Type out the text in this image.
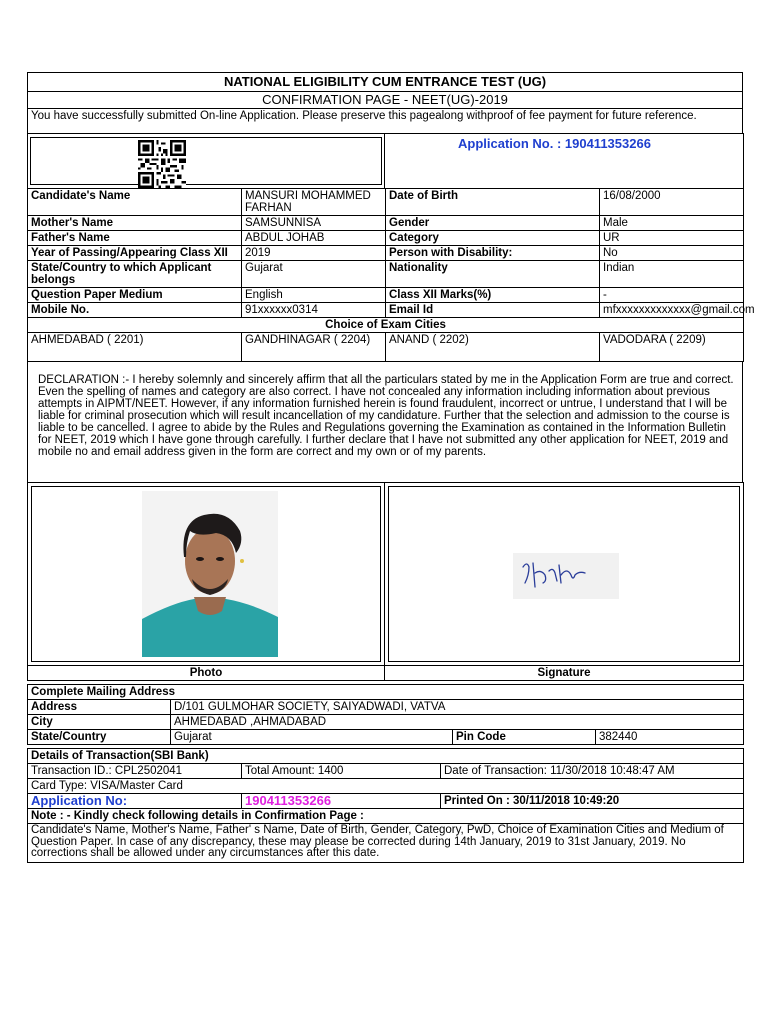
NATIONAL ELIGIBILITY CUM ENTRANCE TEST (UG)
CONFIRMATION PAGE - NEET(UG)-2019
You have successfully submitted On-line Application. Please preserve this pagealong withproof of fee payment for future reference.
	Application No. : 190411353266
Candidate's Name	MANSURI MOHAMMED FARHAN	Date of Birth	16/08/2000
Mother's Name	SAMSUNNISA	Gender	Male
Father's Name	ABDUL JOHAB	Category	UR
Year of Passing/Appearing Class XII	2019	Person with Disability:	No
State/Country to which Applicant belongs	Gujarat	Nationality	Indian
Question Paper Medium	English	Class XII Marks(%)	-
Mobile No.	91xxxxxx0314	Email Id	mfxxxxxxxxxxxxx@gmail.com
Choice of Exam Cities
AHMEDABAD ( 2201)	GANDHINAGAR ( 2204)	ANAND ( 2202)	VADODARA ( 2209)
DECLARATION :- I hereby solemnly and sincerely affirm that all the particulars stated by me in the Application Form are true and correct. Even the spelling of names and category are also correct. I have not concealed any information including information about previous attempts in AIPMT/NEET. However, if any information furnished herein is found fraudulent, incorrect or untrue, I understand that I will be liable for criminal prosecution which will result incancellation of my candidature. Further that the selection and admission to the course is liable to be cancelled. I agree to abide by the Rules and Regulations governing the Examination as contained in the Information Bulletin for NEET, 2019 which I have gone through carefully. I further declare that I have not submitted any other application for NEET, 2019 and mobile no and email address given in the form are correct and my own or of my parents.

Photo	Signature
Complete Mailing Address			
Address	D/101 GULMOHAR SOCIETY, SAIYADWADI, VATVA		
City	AHMEDABAD ,AHMADABAD		
State/Country	Gujarat	Pin Code	382440
Details of Transaction(SBI Bank)		
Transaction ID.: CPL2502041	Total Amount: 1400	Date of Transaction: 11/30/2018 10:48:47 AM
Card Type: VISA/Master Card		
Application No:	190411353266	Printed On : 30/11/2018 10:49:20
Note : - Kindly check following details in Confirmation Page :		
Candidate's Name, Mother's Name, Father' s Name, Date of Birth, Gender, Category, PwD, Choice of Examination Cities and Medium of Question Paper. In case of any discrepancy, these may please be corrected during 14th January, 2019 to 31st January, 2019. No corrections shall be allowed under any circumstances after this date.		
